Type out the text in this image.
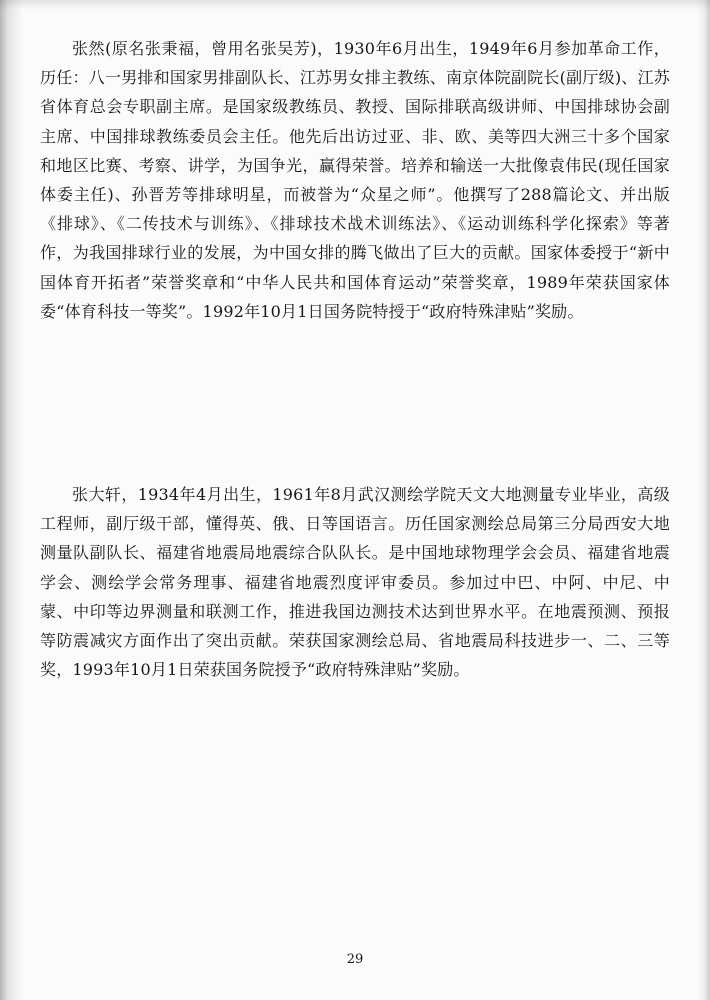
张然(原名张秉福，曾用名张吴芳)，1930年6月出生，1949年6月参加革命工作，历任：八一男排和国家男排副队长、江苏男女排主教练、南京体院副院长(副厅级)、江苏省体育总会专职副主席。是国家级教练员、教授、国际排联高级讲师、中国排球协会副主席、中国排球教练委员会主任。他先后出访过亚、非、欧、美等四大洲三十多个国家和地区比赛、考察、讲学，为国争光，赢得荣誉。培养和输送一大批像袁伟民(现任国家体委主任)、孙晋芳等排球明星，而被誉为“众星之师”。他撰写了288篇论文、并出版《排球》、《二传技术与训练》、《排球技术战术训练法》、《运动训练科学化探索》等著作，为我国排球行业的发展，为中国女排的腾飞做出了巨大的贡献。国家体委授于“新中国体育开拓者”荣誉奖章和“中华人民共和国体育运动”荣誉奖章，1989年荣获国家体委“体育科技一等奖”。1992年10月1日国务院特授于“政府特殊津贴”奖励。

张大轩，1934年4月出生，1961年8月武汉测绘学院天文大地测量专业毕业，高级工程师，副厅级干部，懂得英、俄、日等国语言。历任国家测绘总局第三分局西安大地测量队副队长、福建省地震局地震综合队队长。是中国地球物理学会会员、福建省地震学会、测绘学会常务理事、福建省地震烈度评审委员。参加过中巴、中阿、中尼、中蒙、中印等边界测量和联测工作，推进我国边测技术达到世界水平。在地震预测、预报等防震减灾方面作出了突出贡献。荣获国家测绘总局、省地震局科技进步一、二、三等奖，1993年10月1日荣获国务院授予“政府特殊津贴”奖励。

29
